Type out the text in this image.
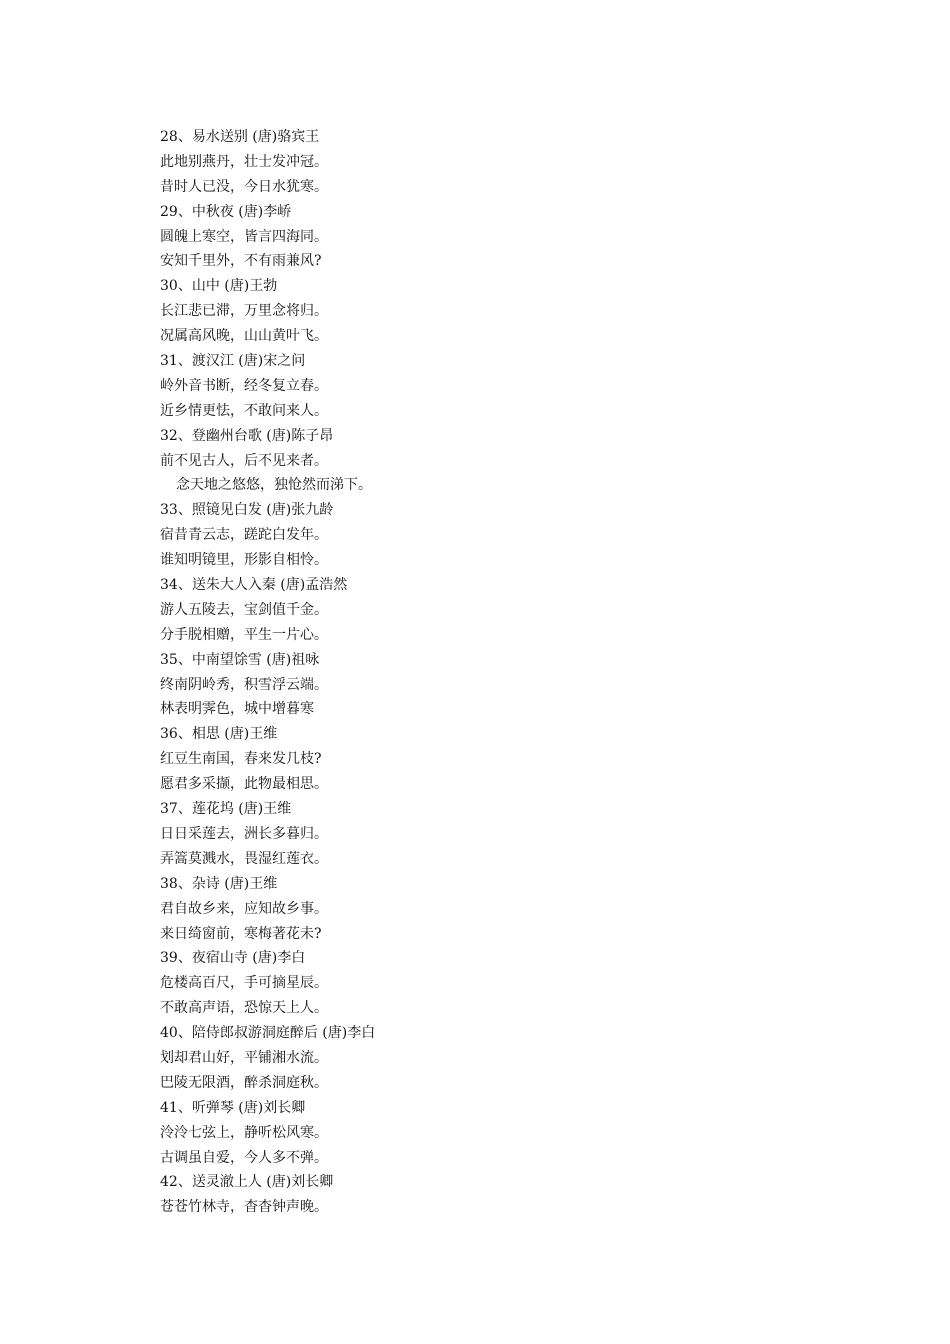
28、易水送别 (唐)骆宾王
此地别燕丹，壮士发冲冠。
昔时人已没，今日水犹寒。
29、中秋夜 (唐)李峤
圆魄上寒空，皆言四海同。
安知千里外，不有雨兼风?
30、山中 (唐)王勃
长江悲已滞，万里念将归。
况属高风晚，山山黄叶飞。
31、渡汉江 (唐)宋之问
岭外音书断，经冬复立春。
近乡情更怯，不敢问来人。
32、登幽州台歌 (唐)陈子昂
前不见古人，后不见来者。
念天地之悠悠，独怆然而涕下。
33、照镜见白发 (唐)张九龄
宿昔青云志，蹉跎白发年。
谁知明镜里，形影自相怜。
34、送朱大人入秦 (唐)孟浩然
游人五陵去，宝剑值千金。
分手脱相赠，平生一片心。
35、中南望馀雪 (唐)祖咏
终南阴岭秀，积雪浮云端。
林表明霁色，城中增暮寒
36、相思 (唐)王维
红豆生南国，春来发几枝?
愿君多采撷，此物最相思。
37、莲花坞 (唐)王维
日日采莲去，洲长多暮归。
弄篙莫溅水，畏湿红莲衣。
38、杂诗 (唐)王维
君自故乡来，应知故乡事。
来日绮窗前，寒梅著花未?
39、夜宿山寺 (唐)李白
危楼高百尺，手可摘星辰。
不敢高声语，恐惊天上人。
40、陪侍郎叔游洞庭醉后 (唐)李白
划却君山好，平铺湘水流。
巴陵无限酒，醉杀洞庭秋。
41、听弹琴 (唐)刘长卿
泠泠七弦上，静听松风寒。
古调虽自爱，今人多不弹。
42、送灵澈上人 (唐)刘长卿
苍苍竹林寺，杳杳钟声晚。
